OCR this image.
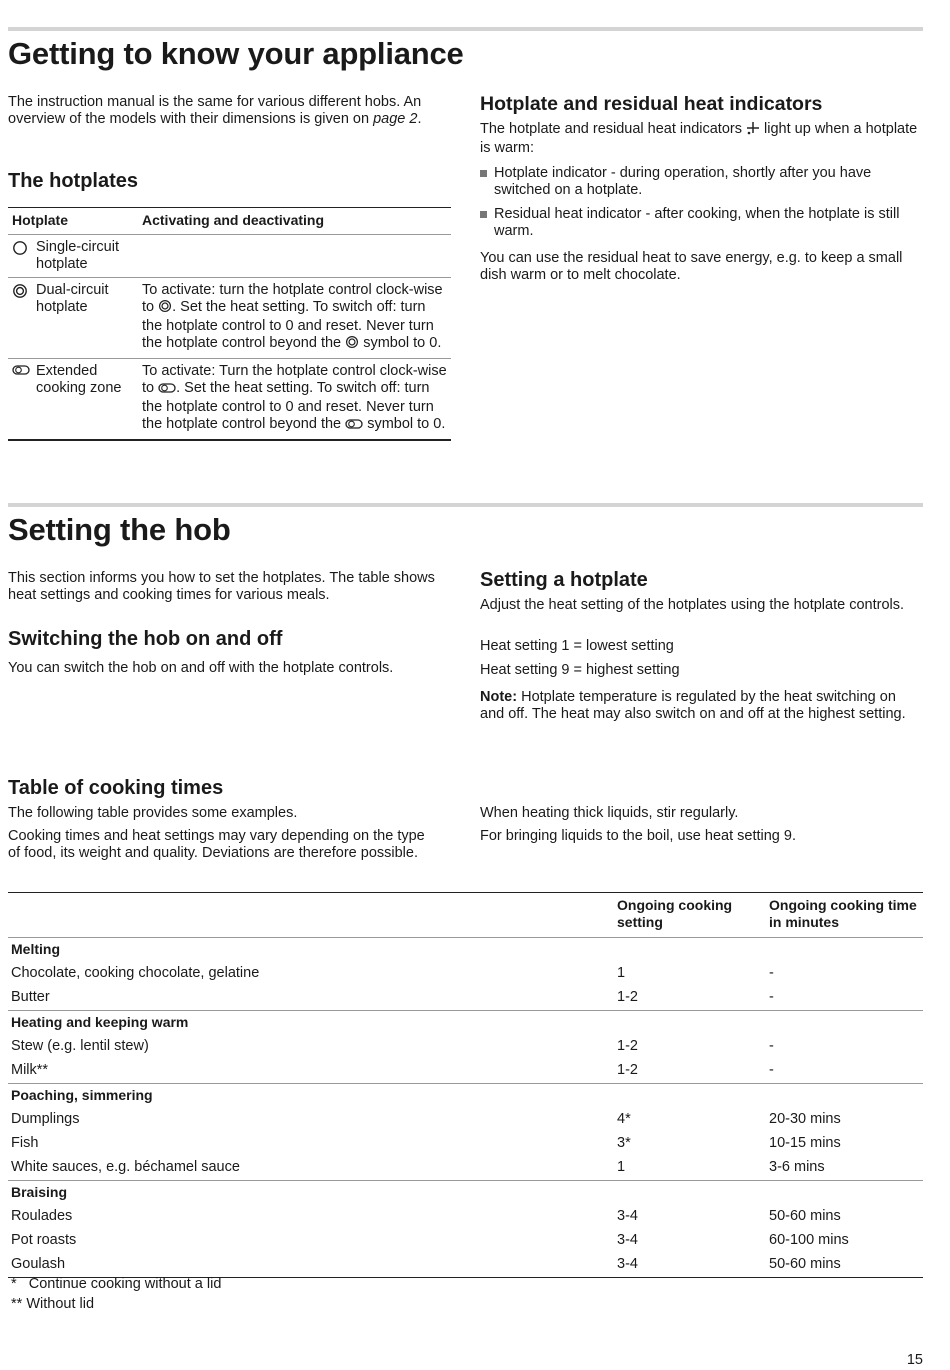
Getting to know your appliance

The instruction manual is the same for various different hobs. An overview of the models with their dimensions is given on page 2.

The hotplates
Hotplate	Activating and deactivating

Single-circuit hotplate	

Dual-circuit hotplate	To activate: turn the hotplate control clock-wise to . Set the heat setting. To switch off: turn the hotplate control to 0 and reset. Never turn the hotplate control beyond the symbol to 0.

Extended cooking zone	To activate: Turn the hotplate control clock-wise to . Set the heat setting. To switch off: turn the hotplate control to 0 and reset. Never turn the hotplate control beyond the symbol to 0.
Hotplate and residual heat indicators

The hotplate and residual heat indicators light up when a hotplate is warm:

Hotplate indicator - during operation, shortly after you have switched on a hotplate.
Residual heat indicator - after cooking, when the hotplate is still warm.

You can use the residual heat to save energy, e.g. to keep a small dish warm or to melt chocolate.

Setting the hob

This section informs you how to set the hotplates. The table shows heat settings and cooking times for various meals.

Switching the hob on and off

You can switch the hob on and off with the hotplate controls.

Setting a hotplate

Adjust the heat setting of the hotplates using the hotplate controls.

Heat setting 1 = lowest setting

Heat setting 9 = highest setting

Note: Hotplate temperature is regulated by the heat switching on and off. The heat may also switch on and off at the highest setting.

Table of cooking times

The following table provides some examples.

Cooking times and heat settings may vary depending on the type of food, its weight and quality. Deviations are therefore possible.

When heating thick liquids, stir regularly.

For bringing liquids to the boil, use heat setting 9.

	Ongoing cooking setting	Ongoing cooking time in minutes
Melting		
Chocolate, cooking chocolate, gelatine	1	-
Butter	1-2	-
Heating and keeping warm		
Stew (e.g. lentil stew)	1-2	-
Milk**	1-2	-
Poaching, simmering		
Dumplings	4*	20-30 mins
Fish	3*	10-15 mins
White sauces, e.g. béchamel sauce	1	3-6 mins
Braising		
Roulades	3-4	50-60 mins
Pot roasts	3-4	60-100 mins
Goulash	3-4	50-60 mins

*   Continue cooking without a lid

** Without lid

15
